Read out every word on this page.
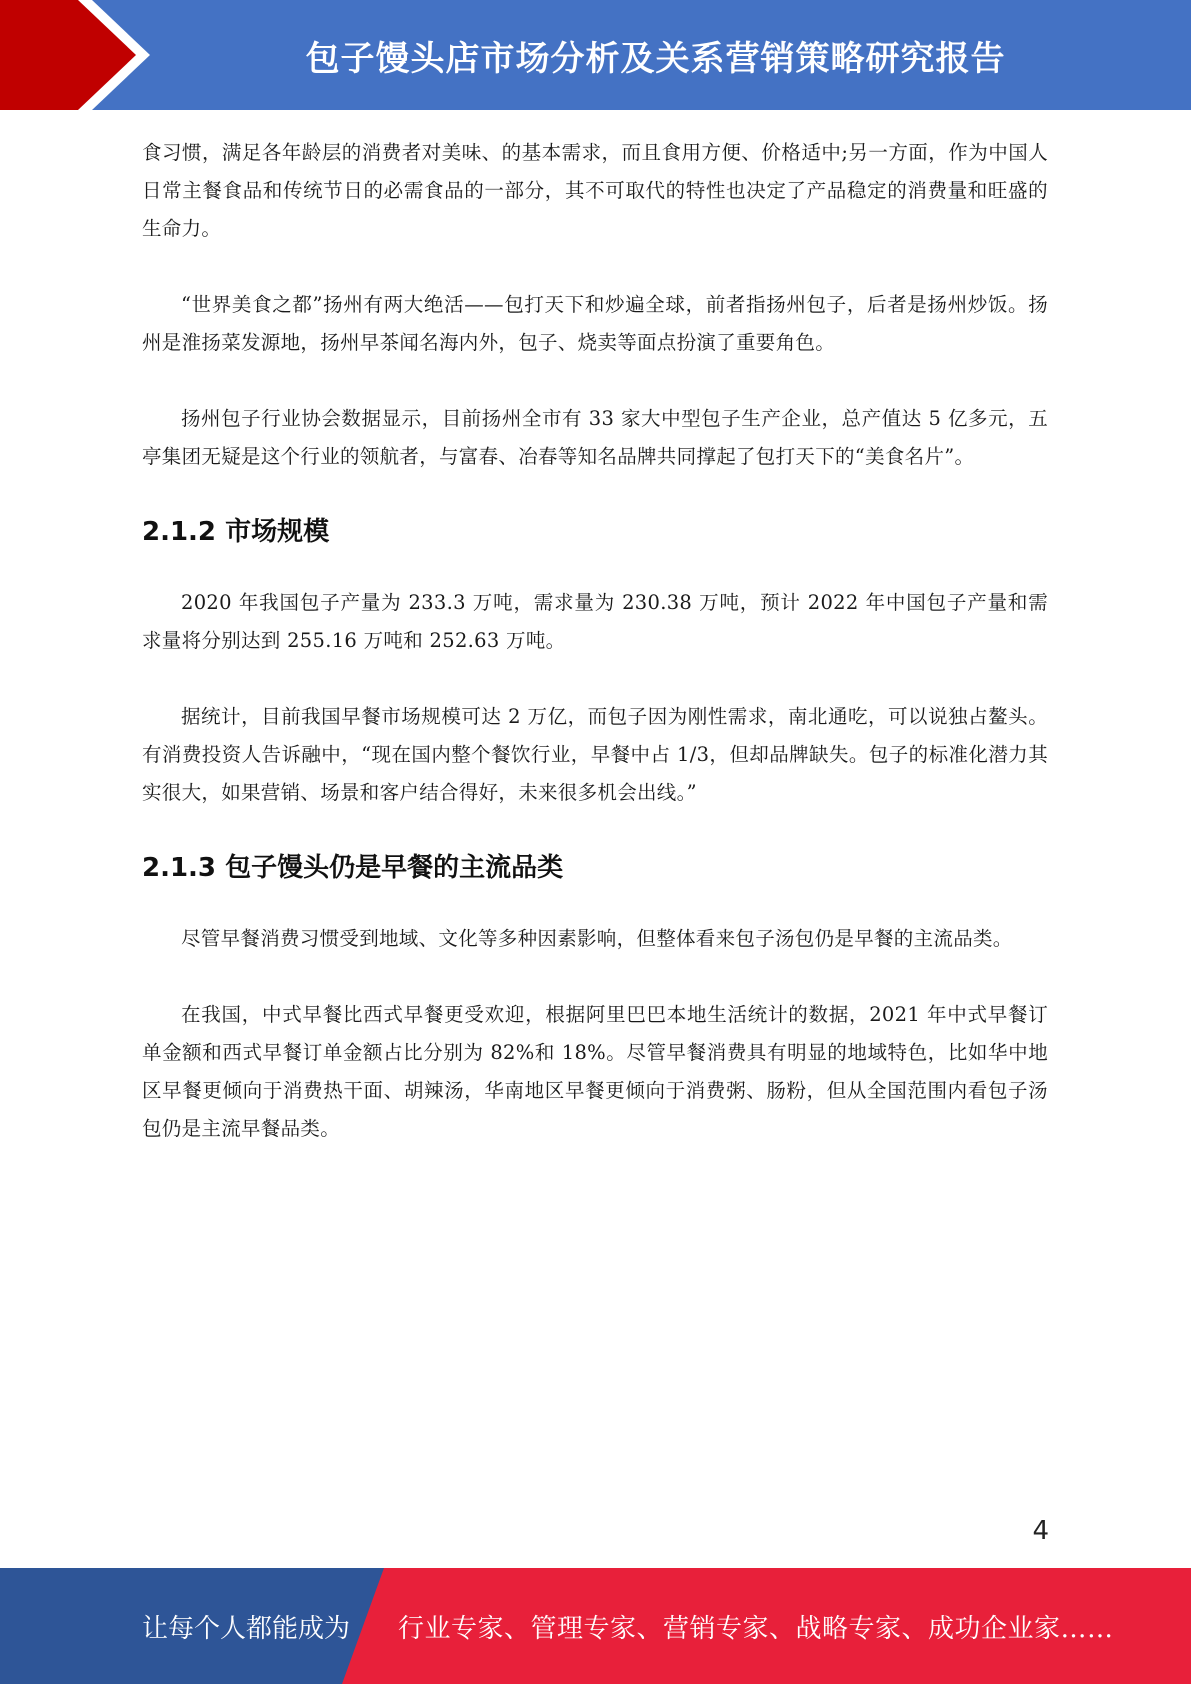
包子馒头店市场分析及关系营销策略研究报告

食习惯，满足各年龄层的消费者对美味、的基本需求，而且食用方便、价格适中;另一方面，作为中国人日常主餐食品和传统节日的必需食品的一部分，其不可取代的特性也决定了产品稳定的消费量和旺盛的生命力。

“世界美食之都”扬州有两大绝活——包打天下和炒遍全球，前者指扬州包子，后者是扬州炒饭。扬州是淮扬菜发源地，扬州早茶闻名海内外，包子、烧卖等面点扮演了重要角色。

扬州包子行业协会数据显示，目前扬州全市有 33 家大中型包子生产企业，总产值达 5 亿多元，五亭集团无疑是这个行业的领航者，与富春、冶春等知名品牌共同撑起了包打天下的“美食名片”。

2.1.2 市场规模

2020 年我国包子产量为 233.3 万吨，需求量为 230.38 万吨，预计 2022 年中国包子产量和需求量将分别达到 255.16 万吨和 252.63 万吨。

据统计，目前我国早餐市场规模可达 2 万亿，而包子因为刚性需求，南北通吃，可以说独占鳌头。有消费投资人告诉融中，“现在国内整个餐饮行业，早餐中占 1/3，但却品牌缺失。包子的标准化潜力其实很大，如果营销、场景和客户结合得好，未来很多机会出线。”

2.1.3 包子馒头仍是早餐的主流品类

尽管早餐消费习惯受到地域、文化等多种因素影响，但整体看来包子汤包仍是早餐的主流品类。

在我国，中式早餐比西式早餐更受欢迎，根据阿里巴巴本地生活统计的数据，2021 年中式早餐订单金额和西式早餐订单金额占比分别为 82%和 18%。尽管早餐消费具有明显的地域特色，比如华中地区早餐更倾向于消费热干面、胡辣汤，华南地区早餐更倾向于消费粥、肠粉，但从全国范围内看包子汤包仍是主流早餐品类。

4
让每个人都能成为 行业专家、管理专家、营销专家、战略专家、成功企业家……
